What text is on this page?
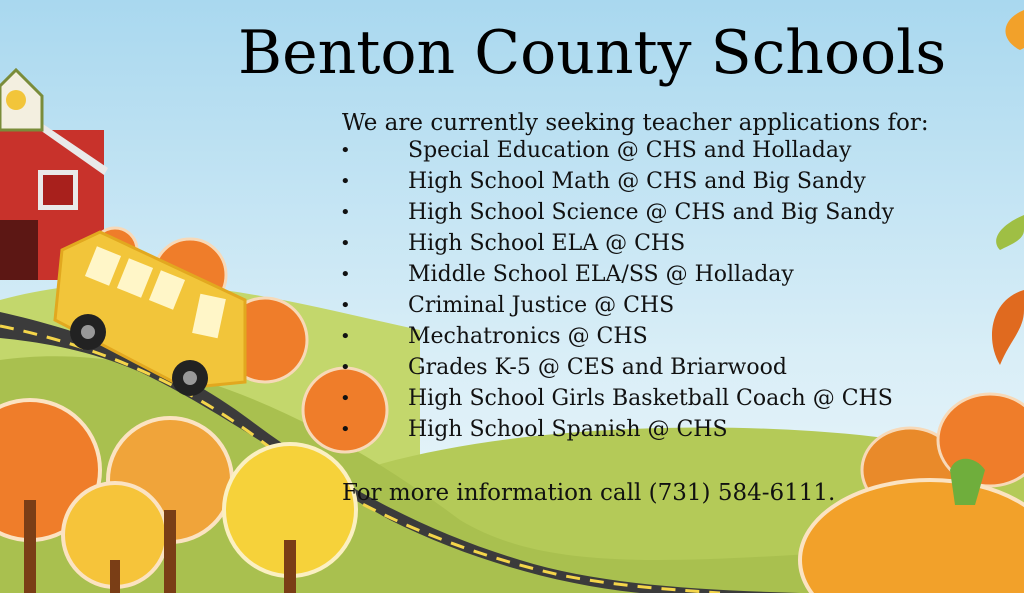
Benton County Schools
We are currently seeking teacher applications for:
•	Special Education @ CHS and Holladay
•	High School Math @ CHS and Big Sandy
•	High School Science @ CHS and Big Sandy
•	High School ELA @ CHS
•	Middle School ELA/SS @ Holladay
•	Criminal Justice @ CHS
•	Mechatronics @ CHS
•	Grades K-5 @ CES and Briarwood
•	High School Girls Basketball Coach @ CHS
•	High School Spanish @ CHS
For more information call (731) 584-6111.
